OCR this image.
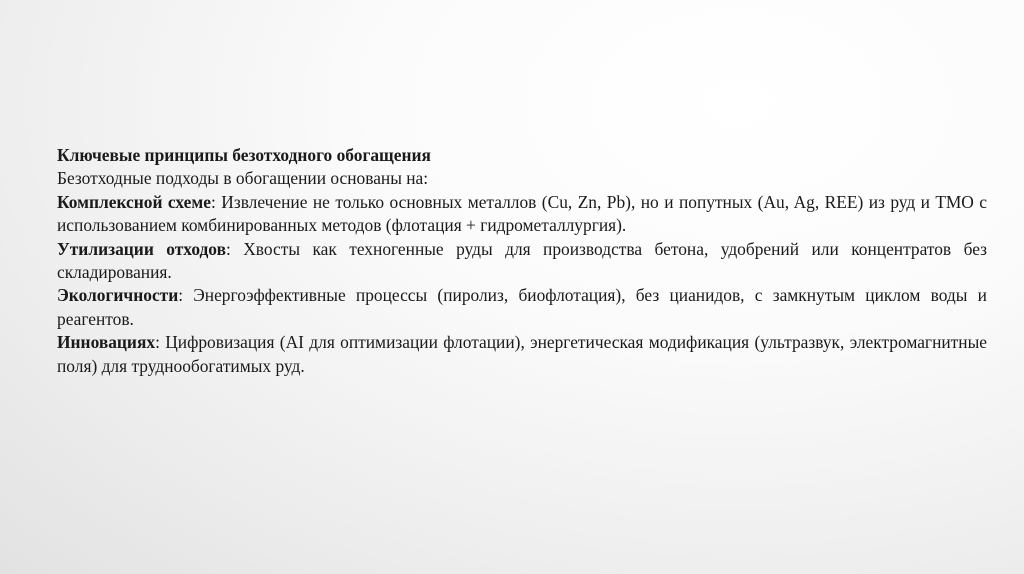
Ключевые принципы безотходного обогащения

Безотходные подходы в обогащении основаны на:

Комплексной схеме: Извлечение не только основных металлов (Cu, Zn, Pb), но и попутных (Au, Ag, REE) из руд и ТМО с использованием комбинированных методов (флотация + гидрометаллургия).

Утилизации отходов: Хвосты как техногенные руды для производства бетона, удобрений или концентратов без складирования.

Экологичности: Энергоэффективные процессы (пиролиз, биофлотация), без цианидов, с замкнутым циклом воды и реагентов.

Инновациях: Цифровизация (AI для оптимизации флотации), энергетическая модификация (ультразвук, электромагнитные поля) для труднообогатимых руд.
